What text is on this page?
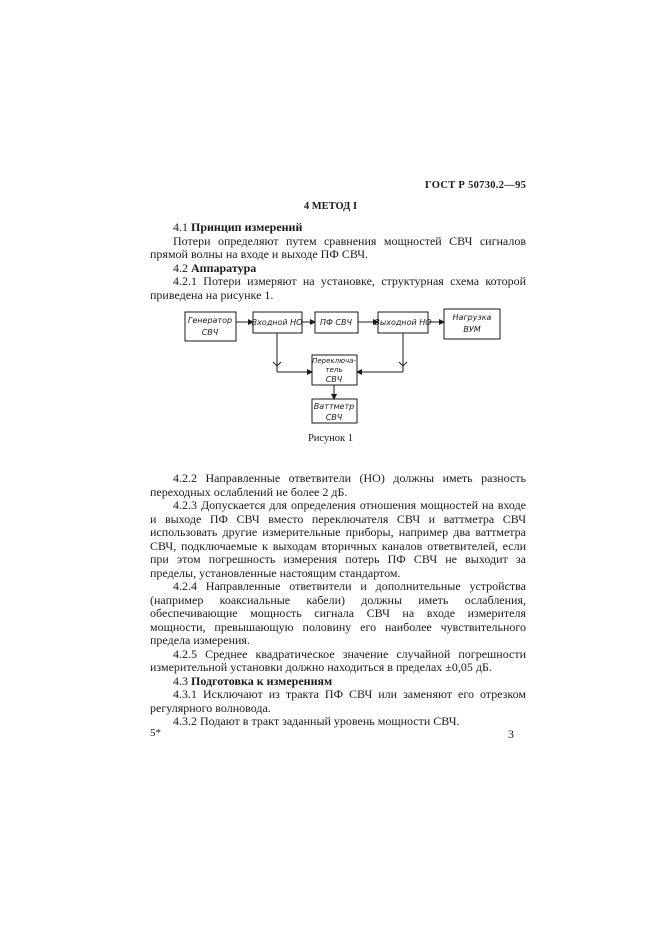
ГОСТ Р 50730.2—95
4 МЕТОД I

4.1 Принцип измерений

Потери определяют путем сравнения мощностей СВЧ сигналов прямой волны на входе и выходе ПФ СВЧ.

4.2 Аппаратура

4.2.1 Потери измеряют на установке, структурная схема которой приведена на рисунке 1.

Генератор
СВЧ
Входной НО ПФ СВЧ	Выходной НО
Нагрузка
ВУМ
Переключа-
тель
СВЧ
Ваттметр
СВЧ
Рисунок 1

4.2.2 Направленные ответвители (НО) должны иметь разность переходных ослаблений не более 2 дБ.

4.2.3 Допускается для определения отношения мощностей на входе и выходе ПФ СВЧ вместо переключателя СВЧ и ваттметра СВЧ использовать другие измерительные приборы, например два ваттметра СВЧ, подключаемые к выходам вторичных каналов ответвителей, если при этом погрешность измерения потерь ПФ СВЧ не выходит за пределы, установленные настоящим стандартом.

4.2.4 Направленные ответвители и дополнительные устройства (например коаксиальные кабели) должны иметь ослабления, обеспечивающие мощность сигнала СВЧ на входе измерителя мощности, превышающую половину его наиболее чувствительного предела измерения.

4.2.5 Среднее квадратическое значение случайной погрешности измерительной установки должно находиться в пределах ±0,05 дБ.

4.3 Подготовка к измерениям

4.3.1 Исключают из тракта ПФ СВЧ или заменяют его отрезком регулярного волновода.

4.3.2 Подают в тракт заданный уровень мощности СВЧ.

5*	3
